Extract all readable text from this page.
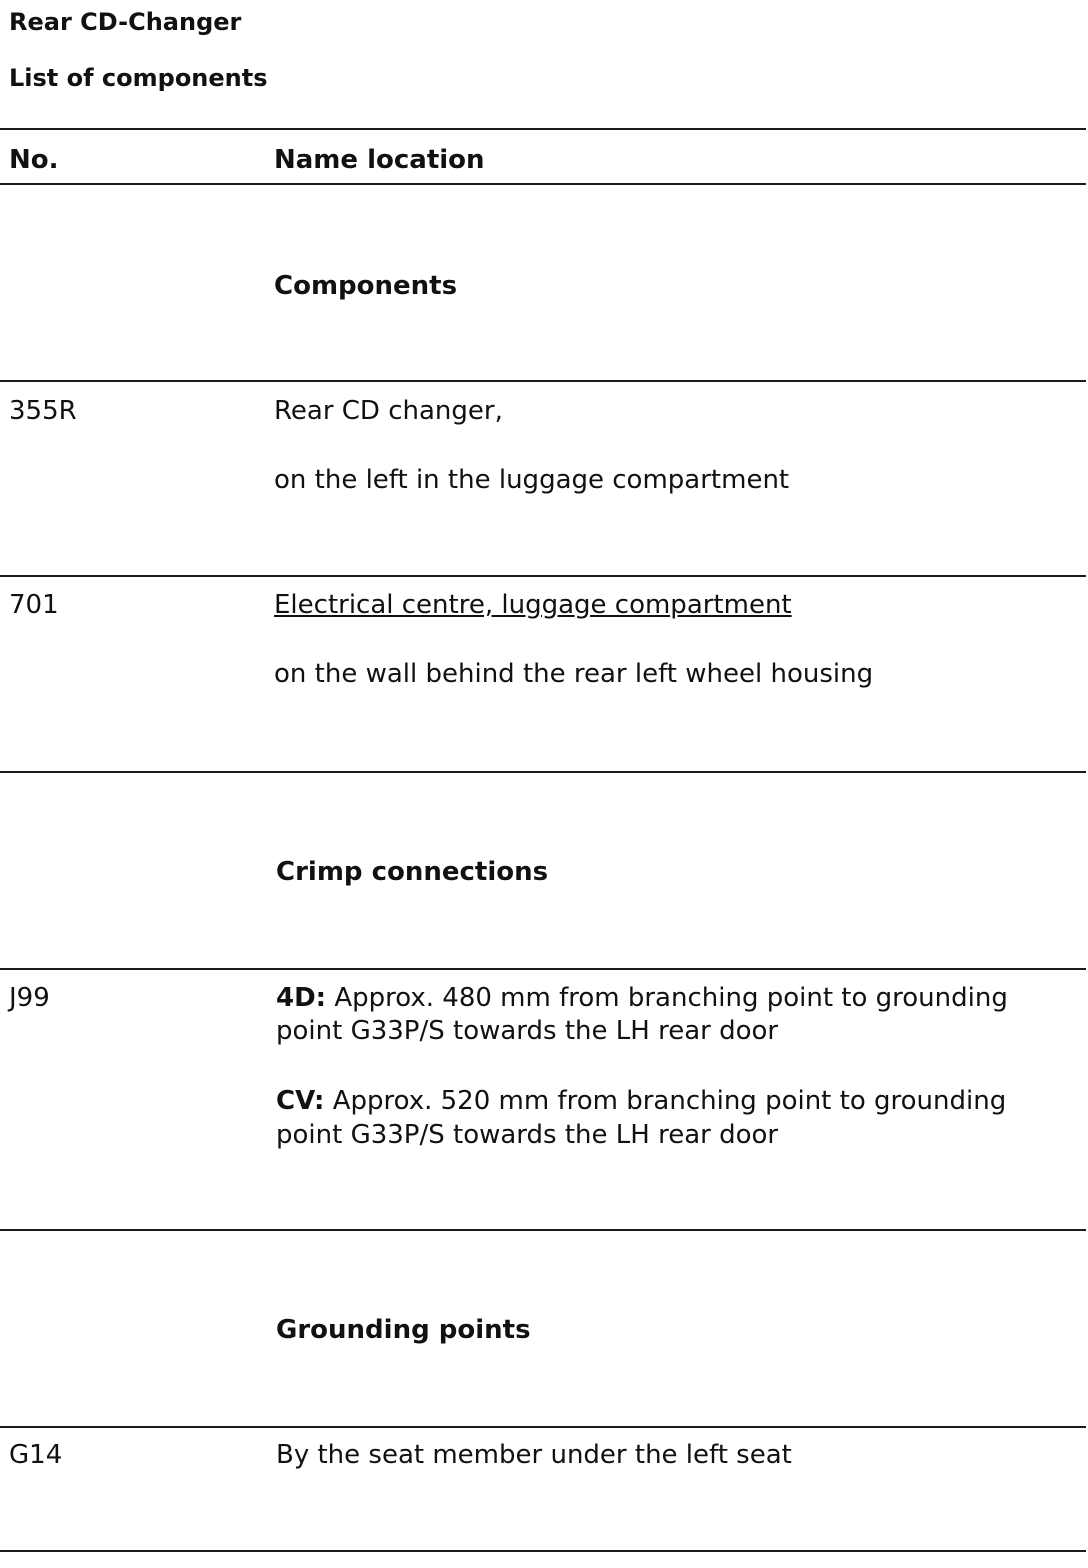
Rear CD-Changer
List of components
No.	Name location
Components
355R	Rear CD changer,
on the left in the luggage compartment
701	Electrical centre, luggage compartment
on the wall behind the rear left wheel housing
Crimp connections
J99	4D: Approx. 480 mm from branching point to grounding
point G33P/S towards the LH rear door
CV: Approx. 520 mm from branching point to grounding
point G33P/S towards the LH rear door
Grounding points
G14	By the seat member under the left seat
